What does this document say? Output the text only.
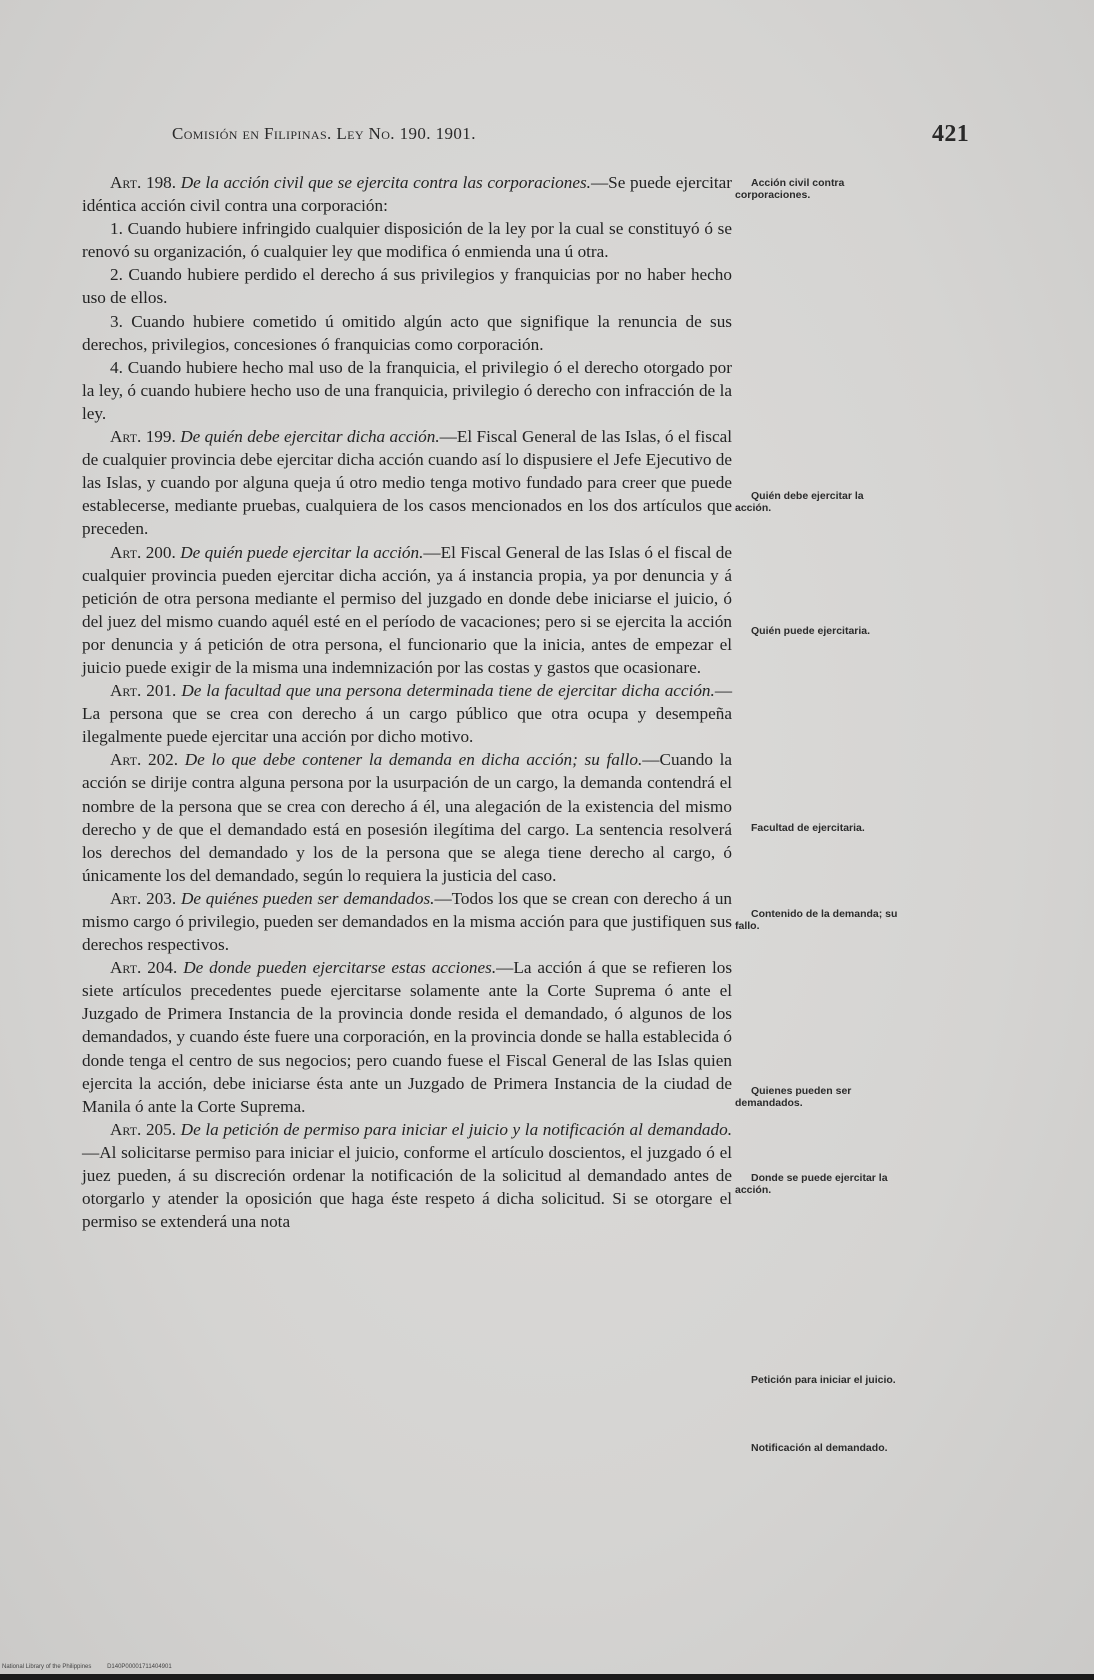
Comisión en Filipinas. Ley No. 190. 1901.	421

Art. 198. De la acción civil que se ejercita contra las corporaciones.—Se puede ejercitar idéntica acción civil contra una corporación:

1. Cuando hubiere infringido cualquier disposición de la ley por la cual se constituyó ó se renovó su organización, ó cualquier ley que modifica ó enmienda una ú otra.

2. Cuando hubiere perdido el derecho á sus privilegios y franquicias por no haber hecho uso de ellos.

3. Cuando hubiere cometido ú omitido algún acto que signifique la renuncia de sus derechos, privilegios, concesiones ó franquicias como corporación.

4. Cuando hubiere hecho mal uso de la franquicia, el privilegio ó el derecho otorgado por la ley, ó cuando hubiere hecho uso de una franquicia, privilegio ó derecho con infracción de la ley.

Art. 199. De quién debe ejercitar dicha acción.—El Fiscal General de las Islas, ó el fiscal de cualquier provincia debe ejercitar dicha acción cuando así lo dispusiere el Jefe Ejecutivo de las Islas, y cuando por alguna queja ú otro medio tenga motivo fundado para creer que puede establecerse, mediante pruebas, cualquiera de los casos mencionados en los dos artículos que preceden.

Art. 200. De quién puede ejercitar la acción.—El Fiscal General de las Islas ó el fiscal de cualquier provincia pueden ejercitar dicha acción, ya á instancia propia, ya por denuncia y á petición de otra persona mediante el permiso del juzgado en donde debe iniciarse el juicio, ó del juez del mismo cuando aquél esté en el período de vacaciones; pero si se ejercita la acción por denuncia y á petición de otra persona, el funcionario que la inicia, antes de empezar el juicio puede exigir de la misma una indemnización por las costas y gastos que ocasionare.

Art. 201. De la facultad que una persona determinada tiene de ejercitar dicha acción.—La persona que se crea con derecho á un cargo público que otra ocupa y desempeña ilegalmente puede ejercitar una acción por dicho motivo.

Art. 202. De lo que debe contener la demanda en dicha acción; su fallo.—Cuando la acción se dirije contra alguna persona por la usurpación de un cargo, la demanda contendrá el nombre de la persona que se crea con derecho á él, una alegación de la existencia del mismo derecho y de que el demandado está en posesión ilegítima del cargo. La sentencia resolverá los derechos del demandado y los de la persona que se alega tiene derecho al cargo, ó únicamente los del demandado, según lo requiera la justicia del caso.

Art. 203. De quiénes pueden ser demandados.—Todos los que se crean con derecho á un mismo cargo ó privilegio, pueden ser demandados en la misma acción para que justifiquen sus derechos respectivos.

Art. 204. De donde pueden ejercitarse estas acciones.—La acción á que se refieren los siete artículos precedentes puede ejercitarse solamente ante la Corte Suprema ó ante el Juzgado de Primera Instancia de la provincia donde resida el demandado, ó algunos de los demandados, y cuando éste fuere una corporación, en la provincia donde se halla establecida ó donde tenga el centro de sus negocios; pero cuando fuese el Fiscal General de las Islas quien ejercita la acción, debe iniciarse ésta ante un Juzgado de Primera Instancia de la ciudad de Manila ó ante la Corte Suprema.

Art. 205. De la petición de permiso para iniciar el juicio y la notificación al demandado.—Al solicitarse permiso para iniciar el juicio, conforme el artículo doscientos, el juzgado ó el juez pueden, á su discreción ordenar la notificación de la solicitud al demandado antes de otorgarlo y atender la oposición que haga éste respeto á dicha solicitud. Si se otorgare el permiso se extenderá una nota

Acción civil contra corporaciones.
Quién debe ejercitar la acción.
Quién puede ejercitaria.
Facultad de ejercitaria.
Contenido de la demanda; su fallo.
Quienes pueden ser demandados.
Donde se puede ejercitar la acción.
Petición para iniciar el juicio.
Notificación al demandado.
National Library of the Philippines	D140P00001711404901
